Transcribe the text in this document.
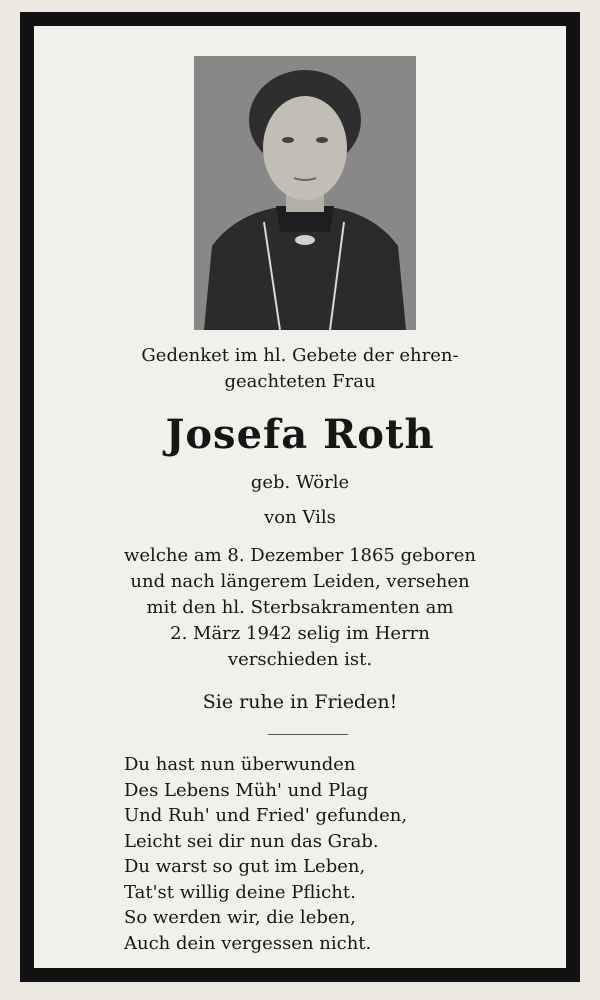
Gedenket im hl. Gebete der ehren-
geachteten Frau
Josefa Roth
geb. Wörle
von Vils
welche am 8. Dezember 1865 geboren
und nach längerem Leiden, versehen
mit den hl. Sterbsakramenten am
2. März 1942 selig im Herrn
verschieden ist.
Sie ruhe in Frieden!
Du hast nun überwunden
Des Lebens Müh' und Plag
Und Ruh' und Fried' gefunden,
Leicht sei dir nun das Grab.
Du warst so gut im Leben,
Tat'st willig deine Pflicht.
So werden wir, die leben,
Auch dein vergessen nicht.
